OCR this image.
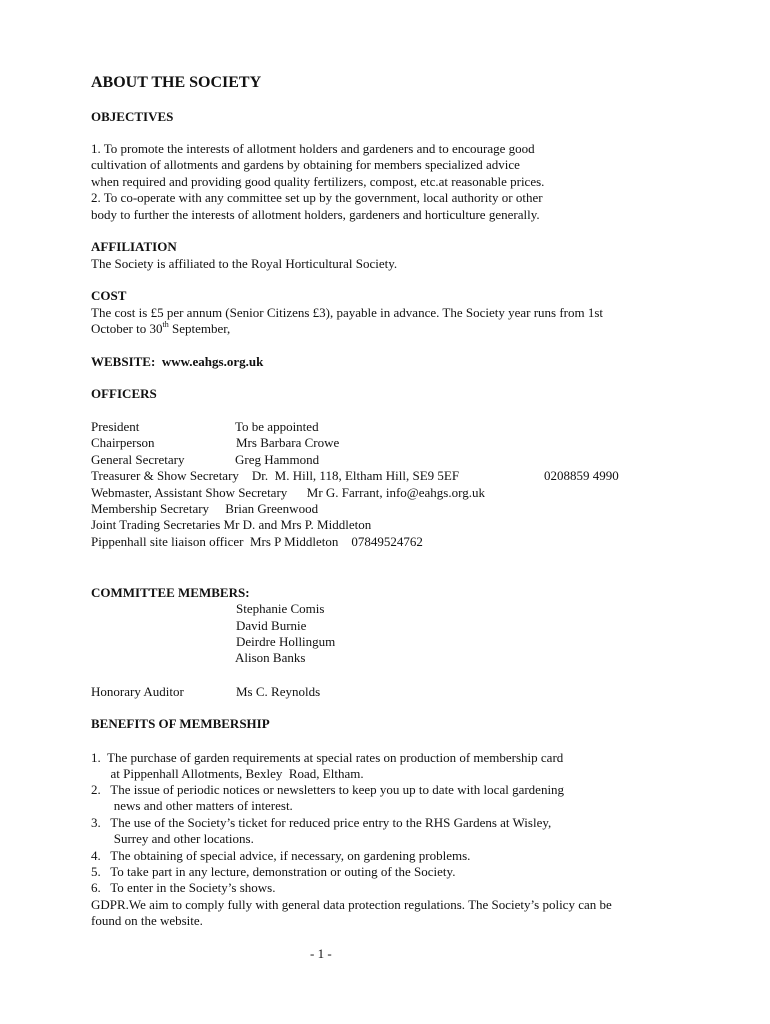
ABOUT THE SOCIETY
OBJECTIVES
1. To promote the interests of allotment holders and gardeners and to encourage good
cultivation of allotments and gardens by obtaining for members specialized advice
when required and providing good quality fertilizers, compost, etc.at reasonable prices.
2. To co-operate with any committee set up by the government, local authority or other
body to further the interests of allotment holders, gardeners and horticulture generally.
AFFILIATION
The Society is affiliated to the Royal Horticultural Society.
COST
The cost is £5 per annum (Senior Citizens £3), payable in advance. The Society year runs from 1st
October to 30th September,
WEBSITE: www.eahgs.org.uk
OFFICERS
President	To be appointed
Chairperson	Mrs Barbara Crowe
General Secretary	Greg Hammond
Treasurer & Show Secretary    Dr.  M. Hill, 118, Eltham Hill, SE9 5EF	0208859 4990
Webmaster, Assistant Show Secretary      Mr G. Farrant, info@eahgs.org.uk
Membership Secretary     Brian Greenwood
Joint Trading Secretaries Mr D. and Mrs P. Middleton
Pippenhall site liaison officer  Mrs P Middleton    07849524762
COMMITTEE MEMBERS:
Stephanie Comis
David Burnie
Deirdre Hollingum
Alison Banks
Honorary Auditor	Ms C. Reynolds
BENEFITS OF MEMBERSHIP
1.  The purchase of garden requirements at special rates on production of membership card
at Pippenhall Allotments, Bexley  Road, Eltham.
2.   The issue of periodic notices or newsletters to keep you up to date with local gardening
news and other matters of interest.
3.   The use of the Society’s ticket for reduced price entry to the RHS Gardens at Wisley,
Surrey and other locations.
4.   The obtaining of special advice, if necessary, on gardening problems.
5.   To take part in any lecture, demonstration or outing of the Society.
6.   To enter in the Society’s shows.
GDPR.We aim to comply fully with general data protection regulations. The Society’s policy can be
found on the website.
- 1 -
